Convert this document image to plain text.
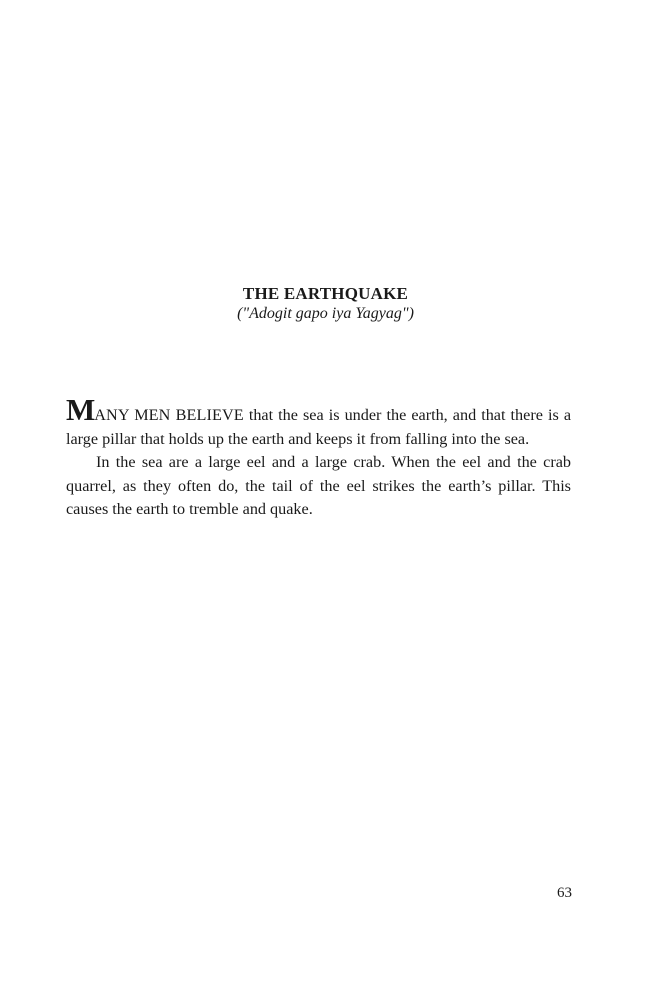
THE EARTHQUAKE
("Adogit gapo iya Yagyag")

MANY MEN BELIEVE that the sea is under the earth, and that there is a large pillar that holds up the earth and keeps it from falling into the sea.

In the sea are a large eel and a large crab. When the eel and the crab quarrel, as they often do, the tail of the eel strikes the earth’s pillar. This causes the earth to tremble and quake.

63
